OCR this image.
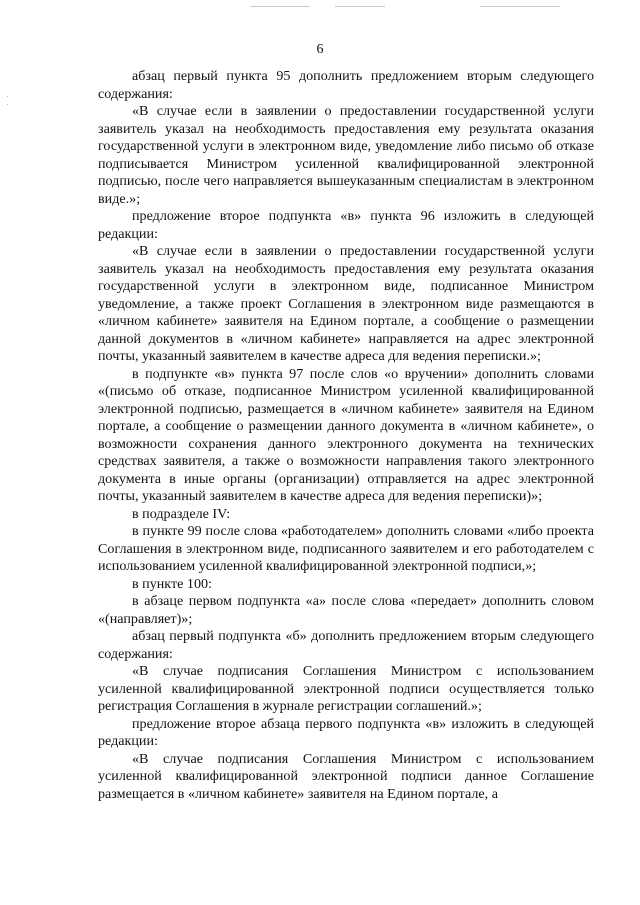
6

абзац первый пункта 95 дополнить предложением вторым следующего содержания:

«В случае если в заявлении о предоставлении государственной услуги заявитель указал на необходимость предоставления ему результата оказания государственной услуги в электронном виде, уведомление либо письмо об отказе подписывается Министром усиленной квалифицированной электронной подписью, после чего направляется вышеуказанным специалистам в электронном виде.»;

предложение второе подпункта «в» пункта 96 изложить в следующей редакции:

«В случае если в заявлении о предоставлении государственной услуги заявитель указал на необходимость предоставления ему результата оказания государственной услуги в электронном виде, подписанное Министром уведомление, а также проект Соглашения в электронном виде размещаются в «личном кабинете» заявителя на Едином портале, а сообщение о размещении данной документов в «личном кабинете» направляется на адрес электронной почты, указанный заявителем в качестве адреса для ведения переписки.»;

в подпункте «в» пункта 97 после слов «о вручении» дополнить словами «(письмо об отказе, подписанное Министром усиленной квалифицированной электронной подписью, размещается в «личном кабинете» заявителя на Едином портале, а сообщение о размещении данного документа в «личном кабинете», о возможности сохранения данного электронного документа на технических средствах заявителя, а также о возможности направления такого электронного документа в иные органы (организации) отправляется на адрес электронной почты, указанный заявителем в качестве адреса для ведения переписки)»;

в подразделе IV:

в пункте 99 после слова «работодателем» дополнить словами «либо проекта Соглашения в электронном виде, подписанного заявителем и его работодателем с использованием усиленной квалифицированной электронной подписи,»;

в пункте 100:

в абзаце первом подпункта «а» после слова «передает» дополнить словом «(направляет)»;

абзац первый подпункта «б» дополнить предложением вторым следующего содержания:

«В случае подписания Соглашения Министром с использованием усиленной квалифицированной электронной подписи осуществляется только регистрация Соглашения в журнале регистрации соглашений.»;

предложение второе абзаца первого подпункта «в» изложить в следующей редакции:

«В случае подписания Соглашения Министром с использованием усиленной квалифицированной электронной подписи данное Соглашение размещается в «личном кабинете» заявителя на Едином портале, а
